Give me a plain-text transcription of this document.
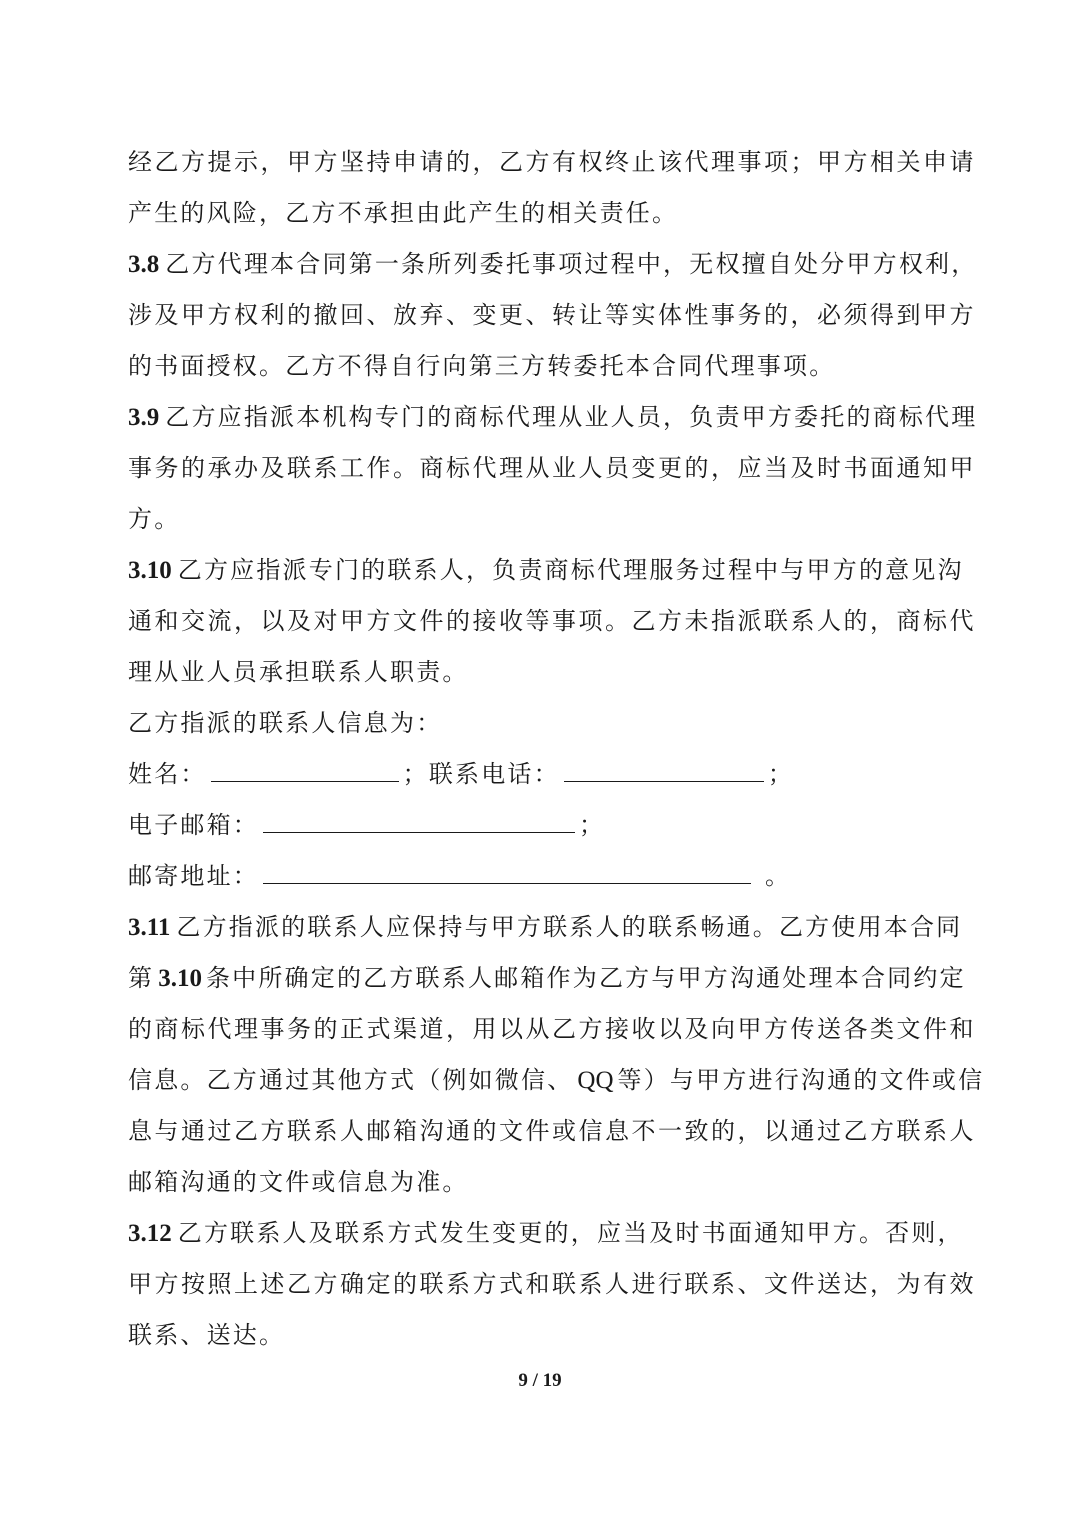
经乙方提示，甲方坚持申请的，乙方有权终止该代理事项；甲方相关申请
产生的风险，乙方不承担由此产生的相关责任。
3.8 乙方代理本合同第一条所列委托事项过程中，无权擅自处分甲方权利，
涉及甲方权利的撤回、放弃、变更、转让等实体性事务的，必须得到甲方
的书面授权。乙方不得自行向第三方转委托本合同代理事项。
3.9 乙方应指派本机构专门的商标代理从业人员，负责甲方委托的商标代理
事务的承办及联系工作。商标代理从业人员变更的，应当及时书面通知甲
方。
3.10 乙方应指派专门的联系人，负责商标代理服务过程中与甲方的意见沟
通和交流，以及对甲方文件的接收等事项。乙方未指派联系人的，商标代
理从业人员承担联系人职责。
乙方指派的联系人信息为：
姓名：	；联系电话：	；
电子邮箱：	；
邮寄地址：	。
3.11 乙方指派的联系人应保持与甲方联系人的联系畅通。乙方使用本合同
第 3.10 条中所确定的乙方联系人邮箱作为乙方与甲方沟通处理本合同约定
的商标代理事务的正式渠道，用以从乙方接收以及向甲方传送各类文件和
信息。乙方通过其他方式（例如微信、 QQ 等）与甲方进行沟通的文件或信
息与通过乙方联系人邮箱沟通的文件或信息不一致的，以通过乙方联系人
邮箱沟通的文件或信息为准。
3.12 乙方联系人及联系方式发生变更的，应当及时书面通知甲方。否则，
甲方按照上述乙方确定的联系方式和联系人进行联系、文件送达，为有效
联系、送达。
9 / 19
